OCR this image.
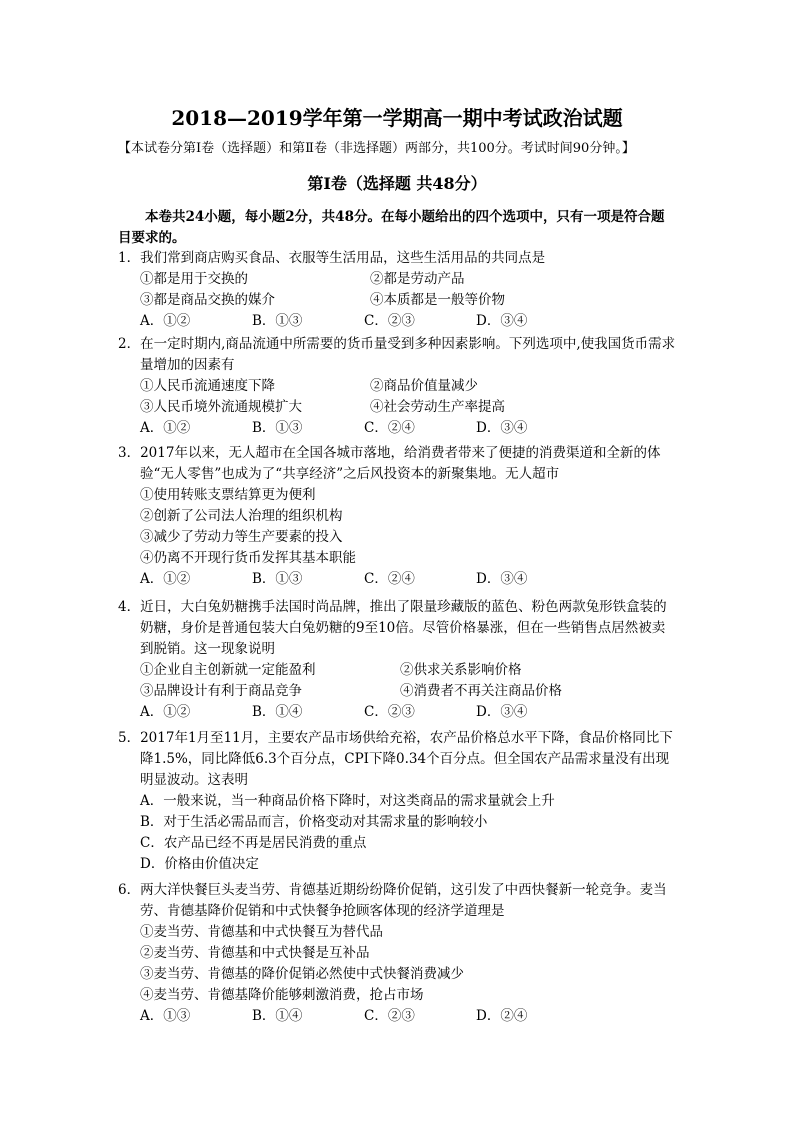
2018—2019学年第一学期高一期中考试政治试题
【本试卷分第Ⅰ卷（选择题）和第Ⅱ卷（非选择题）两部分，共100分。考试时间90分钟。】
第Ⅰ卷（选择题 共48分）
本卷共24小题，每小题2分，共48分。在每小题给出的四个选项中，只有一项是符合题目要求的。
1．我们常到商店购买食品、衣服等生活用品，这些生活用品的共同点是
①都是用于交换的	②都是劳动产品
③都是商品交换的媒介	④本质都是一般等价物
A．①②	B．①③	C．②③	D．③④
2．在一定时期内,商品流通中所需要的货币量受到多种因素影响。下列选项中,使我国货币需求量增加的因素有
①人民币流通速度下降	②商品价值量减少
③人民币境外流通规模扩大	④社会劳动生产率提高
A．①②	B．①③	C．②④	D．③④
3．2017年以来，无人超市在全国各城市落地，给消费者带来了便捷的消费渠道和全新的体验“无人零售”也成为了“共享经济”之后风投资本的新聚集地。无人超市
①使用转账支票结算更为便利
②创新了公司法人治理的组织机构
③减少了劳动力等生产要素的投入
④仍离不开现行货币发挥其基本职能
A．①②	B．①③	C．②④	D．③④
4．近日，大白兔奶糖携手法国时尚品牌，推出了限量珍藏版的蓝色、粉色两款兔形铁盒装的奶糖，身价是普通包装大白兔奶糖的9至10倍。尽管价格暴涨，但在一些销售点居然被卖到脱销。这一现象说明
①企业自主创新就一定能盈利	②供求关系影响价格
③品牌设计有利于商品竞争	④消费者不再关注商品价格
A．①②	B．①④	C．②③	D．③④
5．2017年1月至11月，主要农产品市场供给充裕，农产品价格总水平下降，食品价格同比下降1.5%，同比降低6.3个百分点，CPI下降0.34个百分点。但全国农产品需求量没有出现明显波动。这表明
A．一般来说，当一种商品价格下降时，对这类商品的需求量就会上升
B．对于生活必需品而言，价格变动对其需求量的影响较小
C．农产品已经不再是居民消费的重点
D．价格由价值决定
6．两大洋快餐巨头麦当劳、肯德基近期纷纷降价促销，这引发了中西快餐新一轮竞争。麦当劳、肯德基降价促销和中式快餐争抢顾客体现的经济学道理是
①麦当劳、肯德基和中式快餐互为替代品
②麦当劳、肯德基和中式快餐是互补品
③麦当劳、肯德基的降价促销必然使中式快餐消费减少
④麦当劳、肯德基降价能够刺激消费，抢占市场
A．①③	B．①④	C．②③	D．②④
